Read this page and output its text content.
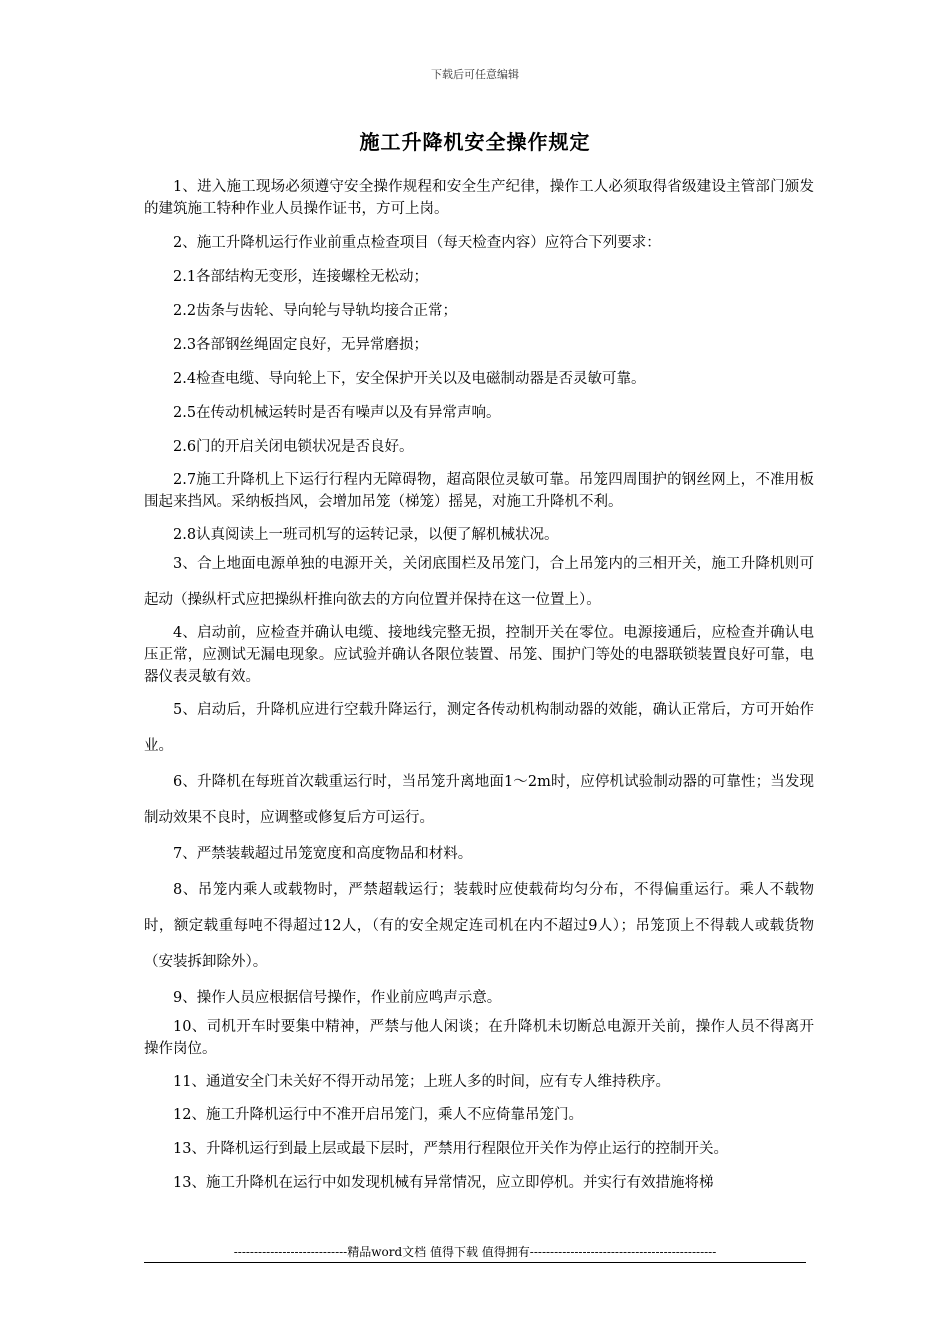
下载后可任意编辑
施工升降机安全操作规定

1、进入施工现场必须遵守安全操作规程和安全生产纪律，操作工人必须取得省级建设主管部门颁发的建筑施工特种作业人员操作证书，方可上岗。

2、施工升降机运行作业前重点检查项目（每天检查内容）应符合下列要求：

2.1各部结构无变形，连接螺栓无松动；

2.2齿条与齿轮、导向轮与导轨均接合正常；

2.3各部钢丝绳固定良好，无异常磨损；

2.4检查电缆、导向轮上下，安全保护开关以及电磁制动器是否灵敏可靠。

2.5在传动机械运转时是否有噪声以及有异常声响。

2.6门的开启关闭电锁状况是否良好。

2.7施工升降机上下运行行程内无障碍物，超高限位灵敏可靠。吊笼四周围护的钢丝网上，不准用板围起来挡风。采纳板挡风，会增加吊笼（梯笼）摇晃，对施工升降机不利。

2.8认真阅读上一班司机写的运转记录，以便了解机械状况。

3、合上地面电源单独的电源开关，关闭底围栏及吊笼门，合上吊笼内的三相开关，施工升降机则可起动（操纵杆式应把操纵杆推向欲去的方向位置并保持在这一位置上）。

4、启动前，应检查并确认电缆、接地线完整无损，控制开关在零位。电源接通后，应检查并确认电压正常，应测试无漏电现象。应试验并确认各限位装置、吊笼、围护门等处的电器联锁装置良好可靠，电器仪表灵敏有效。

5、启动后，升降机应进行空载升降运行，测定各传动机构制动器的效能，确认正常后，方可开始作业。

6、升降机在每班首次载重运行时，当吊笼升离地面1～2m时，应停机试验制动器的可靠性；当发现制动效果不良时，应调整或修复后方可运行。

7、严禁装载超过吊笼宽度和高度物品和材料。

8、吊笼内乘人或载物时，严禁超载运行；装载时应使载荷均匀分布，不得偏重运行。乘人不载物时，额定载重每吨不得超过12人，（有的安全规定连司机在内不超过9人）；吊笼顶上不得载人或载货物（安装拆卸除外）。

9、操作人员应根据信号操作，作业前应鸣声示意。

10、司机开车时要集中精神，严禁与他人闲谈；在升降机未切断总电源开关前，操作人员不得离开操作岗位。

11、通道安全门未关好不得开动吊笼；上班人多的时间，应有专人维持秩序。

12、施工升降机运行中不准开启吊笼门，乘人不应倚靠吊笼门。

13、升降机运行到最上层或最下层时，严禁用行程限位开关作为停止运行的控制开关。

13、施工升降机在运行中如发现机械有异常情况，应立即停机。并实行有效措施将梯

----------------------------精品word文档 值得下载 值得拥有----------------------------------------------
